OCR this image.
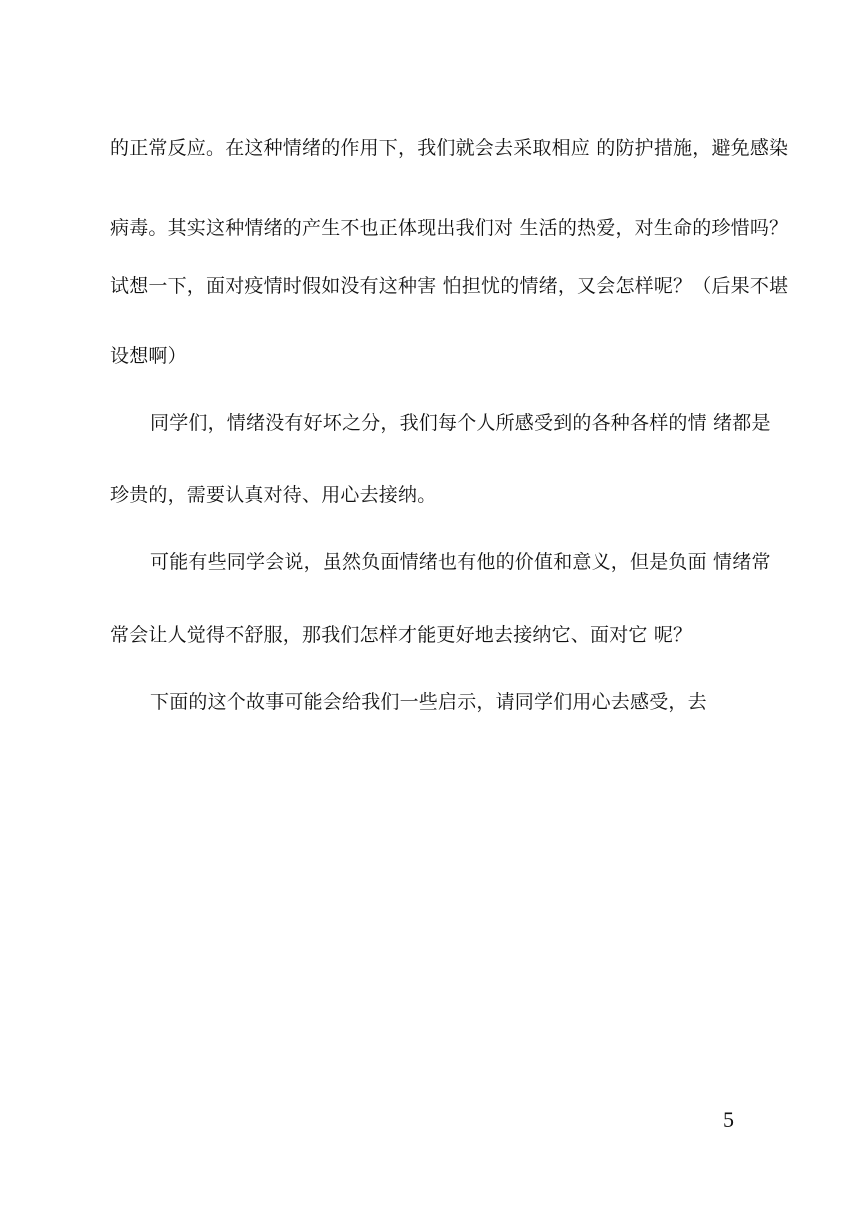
的正常反应。在这种情绪的作用下，我们就会去采取相应 的防护措施，避免感染
病毒。其实这种情绪的产生不也正体现出我们对 生活的热爱，对生命的珍惜吗？
试想一下，面对疫情时假如没有这种害 怕担忧的情绪，又会怎样呢？（后果不堪
设想啊）
同学们，情绪没有好坏之分，我们每个人所感受到的各种各样的情 绪都是
珍贵的，需要认真对待、用心去接纳。
可能有些同学会说，虽然负面情绪也有他的价值和意义，但是负面 情绪常
常会让人觉得不舒服，那我们怎样才能更好地去接纳它、面对它 呢？
下面的这个故事可能会给我们一些启示，请同学们用心去感受，去
5
